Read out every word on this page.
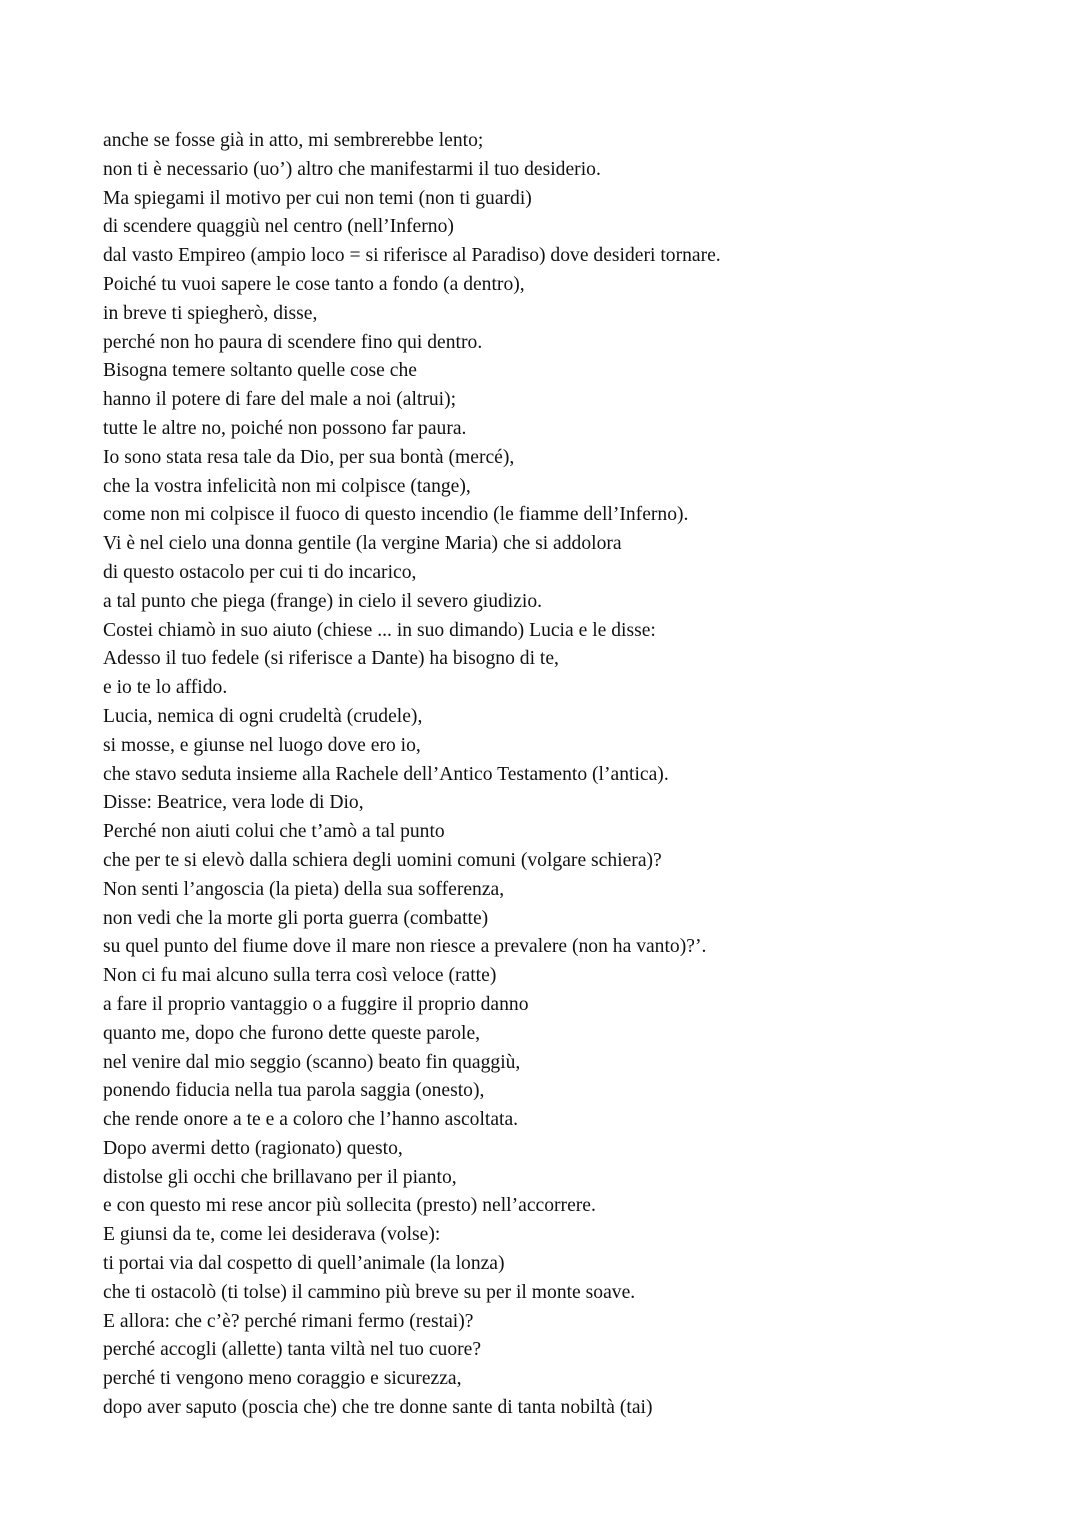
anche se fosse già in atto, mi sembrerebbe lento;
non ti è necessario (uo’) altro che manifestarmi il tuo desiderio.
Ma spiegami il motivo per cui non temi (non ti guardi)
di scendere quaggiù nel centro (nell’Inferno)
dal vasto Empireo (ampio loco = si riferisce al Paradiso) dove desideri tornare.
Poiché tu vuoi sapere le cose tanto a fondo (a dentro),
in breve ti spiegherò, disse,
perché non ho paura di scendere fino qui dentro.
Bisogna temere soltanto quelle cose che
hanno il potere di fare del male a noi (altrui);
tutte le altre no, poiché non possono far paura.
Io sono stata resa tale da Dio, per sua bontà (mercé),
che la vostra infelicità non mi colpisce (tange),
come non mi colpisce il fuoco di questo incendio (le fiamme dell’Inferno).
Vi è nel cielo una donna gentile (la vergine Maria) che si addolora
di questo ostacolo per cui ti do incarico,
a tal punto che piega (frange) in cielo il severo giudizio.
Costei chiamò in suo aiuto (chiese ... in suo dimando) Lucia e le disse:
Adesso il tuo fedele (si riferisce a Dante) ha bisogno di te,
e io te lo affido.
Lucia, nemica di ogni crudeltà (crudele),
si mosse, e giunse nel luogo dove ero io,
che stavo seduta insieme alla Rachele dell’Antico Testamento (l’antica).
Disse: Beatrice, vera lode di Dio,
Perché non aiuti colui che t’amò a tal punto
che per te si elevò dalla schiera degli uomini comuni (volgare schiera)?
Non senti l’angoscia (la pieta) della sua sofferenza,
non vedi che la morte gli porta guerra (combatte)
su quel punto del fiume dove il mare non riesce a prevalere (non ha vanto)?’.
Non ci fu mai alcuno sulla terra così veloce (ratte)
a fare il proprio vantaggio o a fuggire il proprio danno
quanto me, dopo che furono dette queste parole,
nel venire dal mio seggio (scanno) beato fin quaggiù,
ponendo fiducia nella tua parola saggia (onesto),
che rende onore a te e a coloro che l’hanno ascoltata.
Dopo avermi detto (ragionato) questo,
distolse gli occhi che brillavano per il pianto,
e con questo mi rese ancor più sollecita (presto) nell’accorrere.
E giunsi da te, come lei desiderava (volse):
ti portai via dal cospetto di quell’animale (la lonza)
che ti ostacolò (ti tolse) il cammino più breve su per il monte soave.
E allora: che c’è? perché rimani fermo (restai)?
perché accogli (allette) tanta viltà nel tuo cuore?
perché ti vengono meno coraggio e sicurezza,
dopo aver saputo (poscia che) che tre donne sante di tanta nobiltà (tai)
